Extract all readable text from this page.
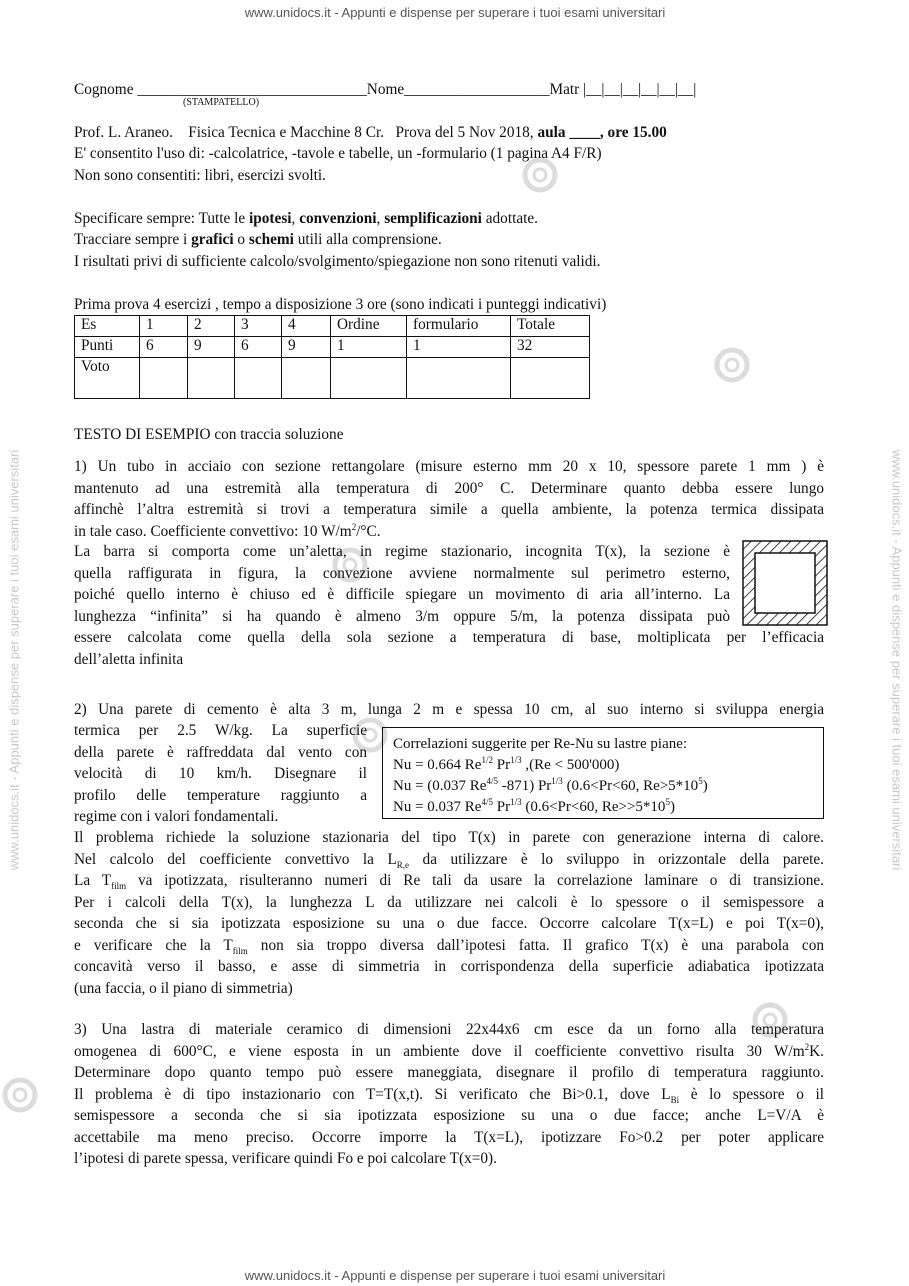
www.unidocs.it - Appunti e dispense per superare i tuoi esami universitari
www.unidocs.it - Appunti e dispense per superare i tuoi esami universitari
www.unidocs.it - Appunti e dispense per superare i tuoi esami universitari
www.unidocs.it - Appunti e dispense per superare i tuoi esami universitari
Cognome ______________________________Nome___________________Matr |__|__|__|__|__|__|
(STAMPATELLO)
Prof. L. Araneo. Fisica Tecnica e Macchine 8 Cr. Prova del 5 Nov 2018, aula ____, ore 15.00
E' consentito l'uso di: -calcolatrice, -tavole e tabelle, un -formulario (1 pagina A4 F/R)
Non sono consentiti: libri, esercizi svolti.
Specificare sempre: Tutte le ipotesi, convenzioni, semplificazioni adottate.
Tracciare sempre i grafici o schemi utili alla comprensione.
I risultati privi di sufficiente calcolo/svolgimento/spiegazione non sono ritenuti validi.
Prima prova 4 esercizi , tempo a disposizione 3 ore (sono indicati i punteggi indicativi)
Es	1	2	3	4	Ordine	formulario	Totale
Punti	6	9	6	9	1	1	32
Voto							
TESTO DI ESEMPIO con traccia soluzione
1) Un tubo in acciaio con sezione rettangolare (misure esterno mm 20 x 10, spessore parete 1 mm ) è
mantenuto ad una estremità alla temperatura di 200° C. Determinare quanto debba essere lungo
affinchè l’altra estremità si trovi a temperatura simile a quella ambiente, la potenza termica dissipata
in tale caso. Coefficiente convettivo: 10 $W/m^2/^\circ C$.
La barra si comporta come un’aletta, in regime stazionario, incognita T(x), la sezione è
quella raffigurata in figura, la convezione avviene normalmente sul perimetro esterno,
poiché quello interno è chiuso ed è difficile spiegare un movimento di aria all’interno. La
lunghezza “infinita” si ha quando è almeno 3/m oppure 5/m, la potenza dissipata può
essere calcolata come quella della sola sezione a temperatura di base, moltiplicata per l’efficacia
dell’aletta infinita
2) Una parete di cemento è alta 3 m, lunga 2 m e spessa 10 cm, al suo interno si sviluppa energia
termica per 2.5 W/kg. La superficie
della parete è raffreddata dal vento con
velocità di 10 km/h. Disegnare il
profilo delle temperature raggiunto a
regime con i valori fondamentali.
Correlazioni suggerite per Re-Nu su lastre piane:
Nu = 0.664 $Re^{1/2}$ $Pr^{1/3}$ ,(Re < 500'000)
Nu = (0.037 $Re^{4/5}$ -871) $Pr^{1/3}$ (0.6<Pr<60, $Re>5*10^5$)
Nu = 0.037 $Re^{4/5}$ $Pr^{1/3}$ (0.6<Pr<60, $Re>>5*10^5$)
Il problema richiede la soluzione stazionaria del tipo T(x) in parete con generazione interna di calore.
Nel calcolo del coefficiente convettivo la $L_{R,e}$ da utilizzare è lo sviluppo in orizzontale della parete.
La $T_{film}$ va ipotizzata, risulteranno numeri di Re tali da usare la correlazione laminare o di transizione.
Per i calcoli della T(x), la lunghezza L da utilizzare nei calcoli è lo spessore o il semispessore a
seconda che si sia ipotizzata esposizione su una o due facce. Occorre calcolare T(x=L) e poi T(x=0),
e verificare che la $T_{film}$ non sia troppo diversa dall’ipotesi fatta. Il grafico T(x) è una parabola con
concavità verso il basso, e asse di simmetria in corrispondenza della superficie adiabatica ipotizzata
(una faccia, o il piano di simmetria)
3) Una lastra di materiale ceramico di dimensioni 22x44x6 cm esce da un forno alla temperatura
omogenea di 600°C, e viene esposta in un ambiente dove il coefficiente convettivo risulta 30 $W/m^2K$.
Determinare dopo quanto tempo può essere maneggiata, disegnare il profilo di temperatura raggiunto.
Il problema è di tipo instazionario con T=T(x,t). Si verificato che Bi>0.1, dove $L_{Bi}$ è lo spessore o il
semispessore a seconda che si sia ipotizzata esposizione su una o due facce; anche L=V/A è
accettabile ma meno preciso. Occorre imporre la T(x=L), ipotizzare Fo>0.2 per poter applicare
l’ipotesi di parete spessa, verificare quindi Fo e poi calcolare T(x=0).
